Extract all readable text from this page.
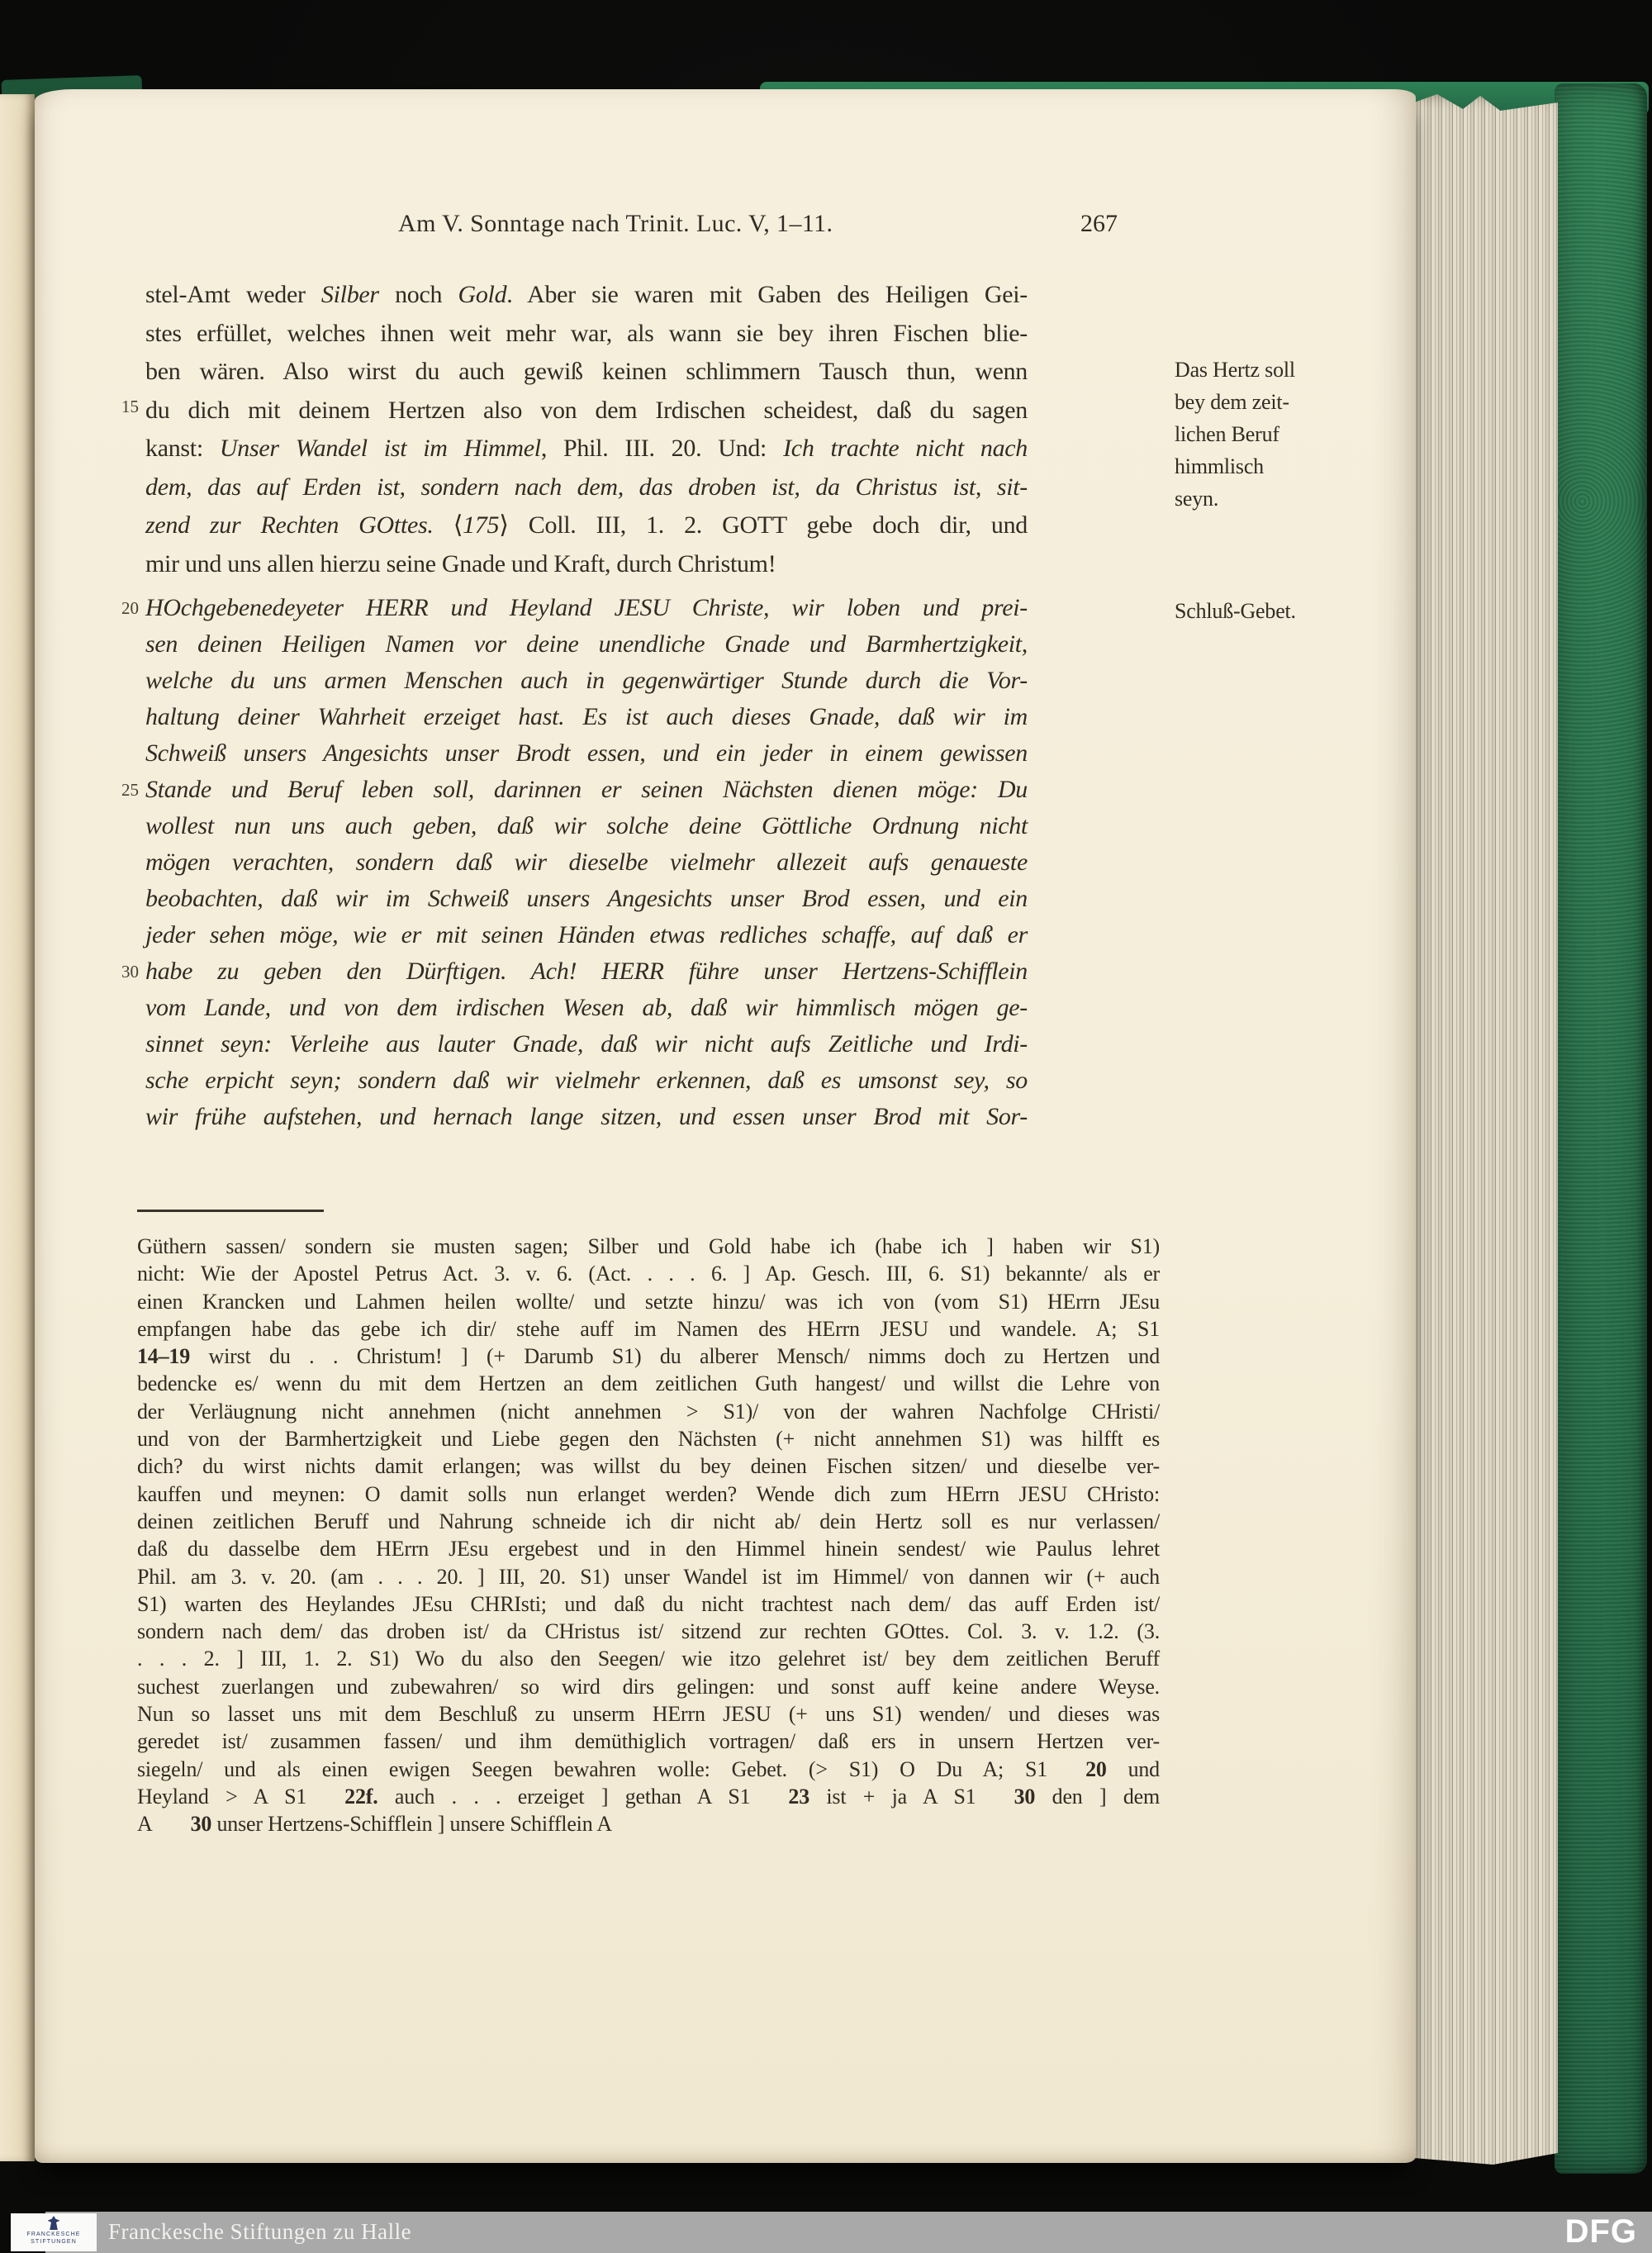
Am V. Sonntage nach Trinit. Luc. V, 1–11.	267
15
20
25
30
stel-Amt weder Silber noch Gold. Aber sie waren mit Gaben des Heiligen Gei-
stes erfüllet, welches ihnen weit mehr war, als wann sie bey ihren Fischen blie-
ben wären. Also wirst du auch gewiß keinen schlimmern Tausch thun, wenn
du dich mit deinem Hertzen also von dem Irdischen scheidest, daß du sagen
kanst: Unser Wandel ist im Himmel, Phil. III. 20. Und: Ich trachte nicht nach
dem, das auf Erden ist, sondern nach dem, das droben ist, da Christus ist, sit-
zend zur Rechten GOttes. ⟨175⟩ Coll. III, 1. 2. GOTT gebe doch dir, und
mir und uns allen hierzu seine Gnade und Kraft, durch Christum!
HOchgebenedeyeter HERR und Heyland JESU Christe, wir loben und prei-
sen deinen Heiligen Namen vor deine unendliche Gnade und Barmhertzigkeit,
welche du uns armen Menschen auch in gegenwärtiger Stunde durch die Vor-
haltung deiner Wahrheit erzeiget hast. Es ist auch dieses Gnade, daß wir im
Schweiß unsers Angesichts unser Brodt essen, und ein jeder in einem gewissen
Stande und Beruf leben soll, darinnen er seinen Nächsten dienen möge: Du
wollest nun uns auch geben, daß wir solche deine Göttliche Ordnung nicht
mögen verachten, sondern daß wir dieselbe vielmehr allezeit aufs genaueste
beobachten, daß wir im Schweiß unsers Angesichts unser Brod essen, und ein
jeder sehen möge, wie er mit seinen Händen etwas redliches schaffe, auf daß er
habe zu geben den Dürftigen. Ach! HERR führe unser Hertzens-Schifflein
vom Lande, und von dem irdischen Wesen ab, daß wir himmlisch mögen ge-
sinnet seyn: Verleihe aus lauter Gnade, daß wir nicht aufs Zeitliche und Irdi-
sche erpicht seyn; sondern daß wir vielmehr erkennen, daß es umsonst sey, so
wir frühe aufstehen, und hernach lange sitzen, und essen unser Brod mit Sor-
Das Hertz soll
bey dem zeit-
lichen Beruf
himmlisch
seyn.
Schluß-Gebet.
Güthern sassen/ sondern sie musten sagen; Silber und Gold habe ich (habe ich ] haben wir S1)
nicht: Wie der Apostel Petrus Act. 3. v. 6. (Act. . . . 6. ] Ap. Gesch. III, 6. S1) bekannte/ als er
einen Krancken und Lahmen heilen wollte/ und setzte hinzu/ was ich von (vom S1) HErrn JEsu
empfangen habe das gebe ich dir/ stehe auff im Namen des HErrn JESU und wandele. A; S1
14–19 wirst du . . Christum! ] (+ Darumb S1) du alberer Mensch/ nimms doch zu Hertzen und
bedencke es/ wenn du mit dem Hertzen an dem zeitlichen Guth hangest/ und willst die Lehre von
der Verläugnung nicht annehmen (nicht annehmen > S1)/ von der wahren Nachfolge CHristi/
und von der Barmhertzigkeit und Liebe gegen den Nächsten (+ nicht annehmen S1) was hilfft es
dich? du wirst nichts damit erlangen; was willst du bey deinen Fischen sitzen/ und dieselbe ver-
kauffen und meynen: O damit solls nun erlanget werden? Wende dich zum HErrn JESU CHristo:
deinen zeitlichen Beruff und Nahrung schneide ich dir nicht ab/ dein Hertz soll es nur verlassen/
daß du dasselbe dem HErrn JEsu ergebest und in den Himmel hinein sendest/ wie Paulus lehret
Phil. am 3. v. 20. (am . . . 20. ] III, 20. S1) unser Wandel ist im Himmel/ von dannen wir (+ auch
S1) warten des Heylandes JEsu CHRIsti; und daß du nicht trachtest nach dem/ das auff Erden ist/
sondern nach dem/ das droben ist/ da CHristus ist/ sitzend zur rechten GOttes. Col. 3. v. 1.2. (3.
. . . 2. ] III, 1. 2. S1) Wo du also den Seegen/ wie itzo gelehret ist/ bey dem zeitlichen Beruff
suchest zuerlangen und zubewahren/ so wird dirs gelingen: und sonst auff keine andere Weyse.
Nun so lasset uns mit dem Beschluß zu unserm HErrn JESU (+ uns S1) wenden/ und dieses was
geredet ist/ zusammen fassen/ und ihm demüthiglich vortragen/ daß ers in unsern Hertzen ver-
siegeln/ und als einen ewigen Seegen bewahren wolle: Gebet. (> S1) O Du A; S1 20 und
Heyland > A S1 22f. auch . . . erzeiget ] gethan A S1 23 ist + ja A S1 30 den ] dem
A 30 unser Hertzens-Schifflein ] unsere Schifflein A
Franckesche Stiftungen zu Halle	DFG
FRANCKESCHE
STIFTUNGEN
